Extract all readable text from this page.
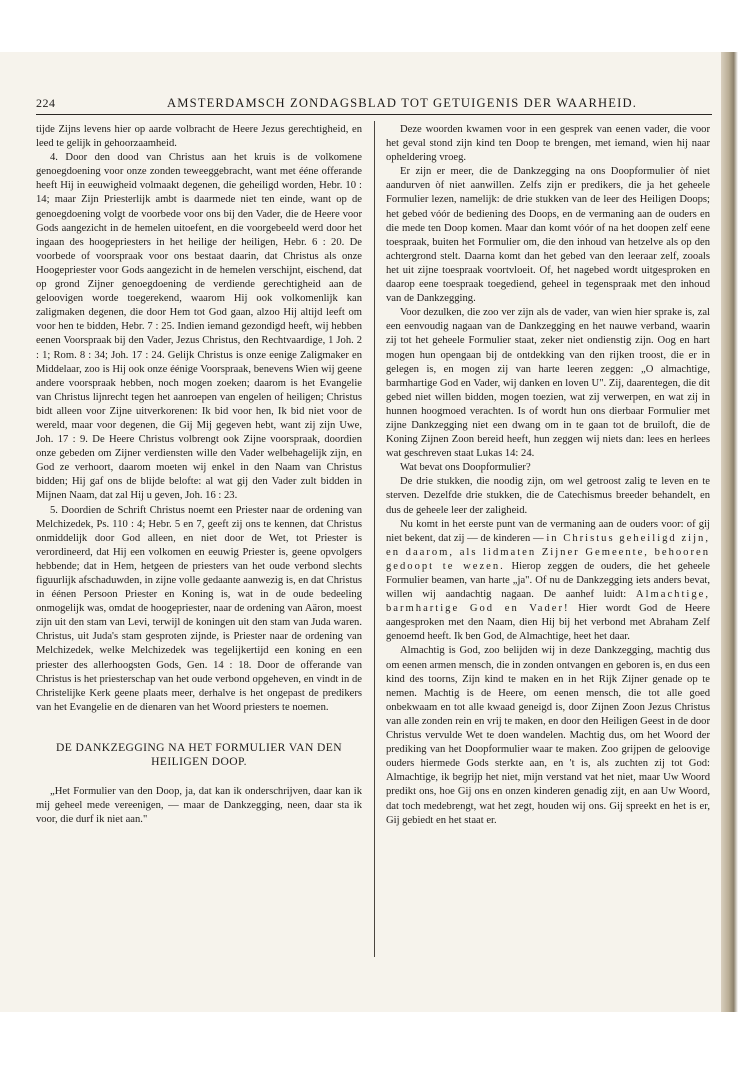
224	AMSTERDAMSCH ZONDAGSBLAD TOT GETUIGENIS DER WAARHEID.

tijde Zijns levens hier op aarde volbracht de Heere Jezus gerechtigheid, en leed te gelijk in gehoorzaamheid.

4. Door den dood van Christus aan het kruis is de volkomene genoegdoening voor onze zonden teweeggebracht, want met ééne offerande heeft Hij in eeuwigheid volmaakt degenen, die geheiligd worden, Hebr. 10 : 14; maar Zijn Priesterlijk ambt is daarmede niet ten einde, want op de genoegdoening volgt de voorbede voor ons bij den Vader, die de Heere voor Gods aangezicht in de hemelen uitoefent, en die voorgebeeld werd door het ingaan des hoogepriesters in het heilige der heiligen, Hebr. 6 : 20. De voorbede of voorspraak voor ons bestaat daarin, dat Christus als onze Hoogepriester voor Gods aangezicht in de hemelen verschijnt, eischend, dat op grond Zijner genoegdoening de verdiende gerechtigheid aan de geloovigen worde toegerekend, waarom Hij ook volkomenlijk kan zaligmaken degenen, die door Hem tot God gaan, alzoo Hij altijd leeft om voor hen te bidden, Hebr. 7 : 25. Indien iemand gezondigd heeft, wij hebben eenen Voorspraak bij den Vader, Jezus Christus, den Rechtvaardige, 1 Joh. 2 : 1; Rom. 8 : 34; Joh. 17 : 24. Gelijk Christus is onze eenige Zaligmaker en Middelaar, zoo is Hij ook onze éénige Voorspraak, benevens Wien wij geene andere voorspraak hebben, noch mogen zoeken; daarom is het Evangelie van Christus lijnrecht tegen het aanroepen van engelen of heiligen; Christus bidt alleen voor Zijne uitverkorenen: Ik bid voor hen, Ik bid niet voor de wereld, maar voor degenen, die Gij Mij gegeven hebt, want zij zijn Uwe, Joh. 17 : 9. De Heere Christus volbrengt ook Zijne voorspraak, doordien onze gebeden om Zijner verdiensten wille den Vader welbehagelijk zijn, en God ze verhoort, daarom moeten wij enkel in den Naam van Christus bidden; Hij gaf ons de blijde belofte: al wat gij den Vader zult bidden in Mijnen Naam, dat zal Hij u geven, Joh. 16 : 23.

5. Doordien de Schrift Christus noemt een Priester naar de ordening van Melchizedek, Ps. 110 : 4; Hebr. 5 en 7, geeft zij ons te kennen, dat Christus onmiddelijk door God alleen, en niet door de Wet, tot Priester is verordineerd, dat Hij een volkomen en eeuwig Priester is, geene opvolgers hebbende; dat in Hem, hetgeen de priesters van het oude verbond slechts figuurlijk afschaduwden, in zijne volle gedaante aanwezig is, en dat Christus in éénen Persoon Priester en Koning is, wat in de oude bedeeling onmogelijk was, omdat de hoogepriester, naar de ordening van Aäron, moest zijn uit den stam van Levi, terwijl de koningen uit den stam van Juda waren. Christus, uit Juda's stam gesproten zijnde, is Priester naar de ordening van Melchizedek, welke Melchizedek was tegelijkertijd een koning en een priester des allerhoogsten Gods, Gen. 14 : 18. Door de offerande van Christus is het priesterschap van het oude verbond opgeheven, en vindt in de Christelijke Kerk geene plaats meer, derhalve is het ongepast de predikers van het Evangelie en de dienaren van het Woord priesters te noemen.

DE DANKZEGGING NA HET FORMULIER VAN DEN HEILIGEN DOOP.

„Het Formulier van den Doop, ja, dat kan ik onderschrijven, daar kan ik mij geheel mede vereenigen, — maar de Dankzegging, neen, daar sta ik voor, die durf ik niet aan."

Deze woorden kwamen voor in een gesprek van eenen vader, die voor het geval stond zijn kind ten Doop te brengen, met iemand, wien hij naar opheldering vroeg.

Er zijn er meer, die de Dankzegging na ons Doopformulier òf niet aandurven òf niet aanwillen. Zelfs zijn er predikers, die ja het geheele Formulier lezen, namelijk: de drie stukken van de leer des Heiligen Doops; het gebed vóór de bediening des Doops, en de vermaning aan de ouders en die mede ten Doop komen. Maar dan komt vóór of na het doopen zelf eene toespraak, buiten het Formulier om, die den inhoud van hetzelve als op den achtergrond stelt. Daarna komt dan het gebed van den leeraar zelf, zooals het uit zijne toespraak voortvloeit. Of, het nagebed wordt uitgesproken en daarop eene toespraak toegediend, geheel in tegenspraak met den inhoud van de Dankzegging.

Voor dezulken, die zoo ver zijn als de vader, van wien hier sprake is, zal een eenvoudig nagaan van de Dankzegging en het nauwe verband, waarin zij tot het geheele Formulier staat, zeker niet ondienstig zijn. Oog en hart mogen hun opengaan bij de ontdekking van den rijken troost, die er in gelegen is, en mogen zij van harte leeren zeggen: „O almachtige, barmhartige God en Vader, wij danken en loven U". Zij, daarentegen, die dit gebed niet willen bidden, mogen toezien, wat zij verwerpen, en wat zij in hunnen hoogmoed verachten. Is of wordt hun ons dierbaar Formulier met zijne Dankzegging niet een dwang om in te gaan tot de bruiloft, die de Koning Zijnen Zoon bereid heeft, hun zeggen wij niets dan: lees en herlees wat geschreven staat Lukas 14: 24.

Wat bevat ons Doopformulier?

De drie stukken, die noodig zijn, om wel getroost zalig te leven en te sterven. Dezelfde drie stukken, die de Catechismus breeder behandelt, en dus de geheele leer der zaligheid.

Nu komt in het eerste punt van de vermaning aan de ouders voor: of gij niet bekent, dat zij — de kinderen — in Christus geheiligd zijn, en daarom, als lidmaten Zijner Gemeente, behooren gedoopt te wezen. Hierop zeggen de ouders, die het geheele Formulier beamen, van harte „ja". Of nu de Dankzegging iets anders bevat, willen wij aandachtig nagaan. De aanhef luidt: Almachtige, barmhartige God en Vader! Hier wordt God de Heere aangesproken met den Naam, dien Hij bij het verbond met Abraham Zelf genoemd heeft. Ik ben God, de Almachtige, heet het daar.

Almachtig is God, zoo belijden wij in deze Dankzegging, machtig dus om eenen armen mensch, die in zonden ontvangen en geboren is, en dus een kind des toorns, Zijn kind te maken en in het Rijk Zijner genade op te nemen. Machtig is de Heere, om eenen mensch, die tot alle goed onbekwaam en tot alle kwaad geneigd is, door Zijnen Zoon Jezus Christus van alle zonden rein en vrij te maken, en door den Heiligen Geest in de door Christus vervulde Wet te doen wandelen. Machtig dus, om het Woord der prediking van het Doopformulier waar te maken. Zoo grijpen de geloovige ouders hiermede Gods sterkte aan, en 't is, als zuchten zij tot God: Almachtige, ik begrijp het niet, mijn verstand vat het niet, maar Uw Woord predikt ons, hoe Gij ons en onzen kinderen genadig zijt, en aan Uw Woord, dat toch medebrengt, wat het zegt, houden wij ons. Gij spreekt en het is er, Gij gebiedt en het staat er.
